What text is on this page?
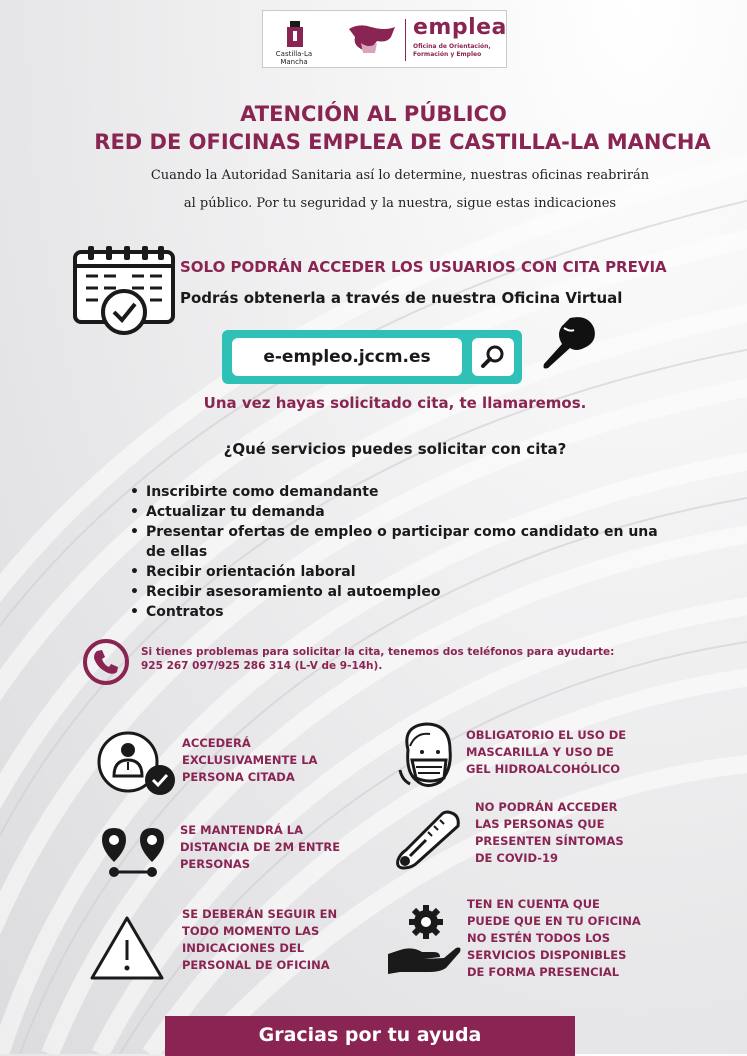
Castilla-La Mancha
emplea
Oficina de Orientación, Formación y Empleo
ATENCIÓN AL PÚBLICO
RED DE OFICINAS EMPLEA DE CASTILLA-LA MANCHA
Cuando la Autoridad Sanitaria así lo determine, nuestras oficinas reabrirán
al público. Por tu seguridad y la nuestra, sigue estas indicaciones
SOLO PODRÁN ACCEDER LOS USUARIOS CON CITA PREVIA
Podrás obtenerla a través de nuestra Oficina Virtual
e-empleo.jccm.es
Una vez hayas solicitado cita, te llamaremos.
¿Qué servicios puedes solicitar con cita?
• Inscribirte como demandante
• Actualizar tu demanda
• Presentar ofertas de empleo o participar como candidato en una de ellas
• Recibir orientación laboral
• Recibir asesoramiento al autoempleo
• Contratos
Si tienes problemas para solicitar la cita, tenemos dos teléfonos para ayudarte:
925 267 097/925 286 314 (L-V de 9-14h).
ACCEDERÁ
EXCLUSIVAMENTE LA
PERSONA CITADA
SE MANTENDRÁ LA
DISTANCIA DE 2M ENTRE
PERSONAS
SE DEBERÁN SEGUIR EN
TODO MOMENTO LAS
INDICACIONES DEL
PERSONAL DE OFICINA
OBLIGATORIO EL USO DE
MASCARILLA Y USO DE
GEL HIDROALCOHÓLICO
NO PODRÁN ACCEDER
LAS PERSONAS QUE
PRESENTEN SÍNTOMAS
DE COVID-19
TEN EN CUENTA QUE
PUEDE QUE EN TU OFICINA
NO ESTÉN TODOS LOS
SERVICIOS DISPONIBLES
DE FORMA PRESENCIAL
Gracias por tu ayuda
